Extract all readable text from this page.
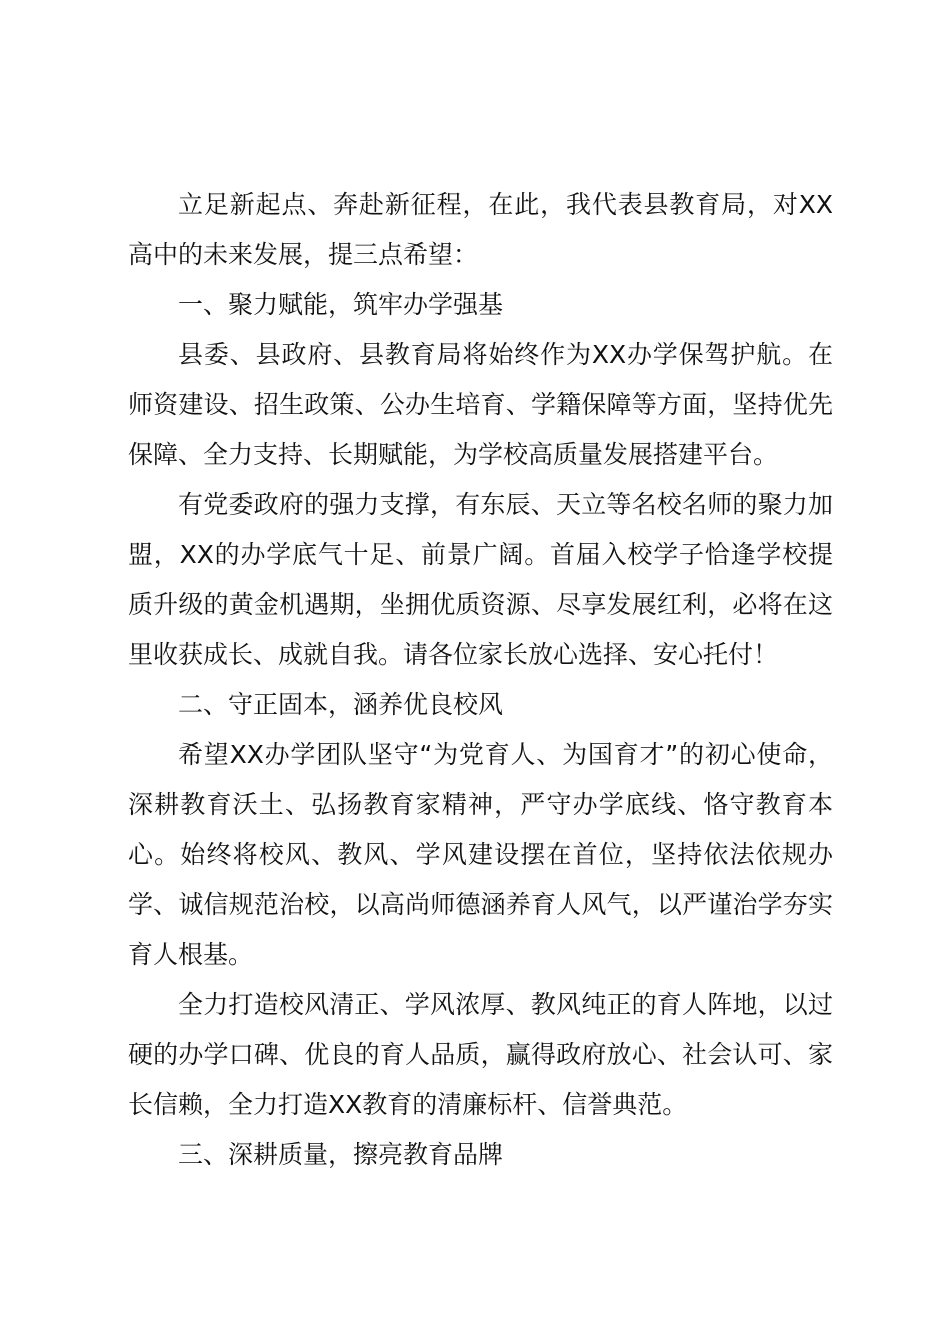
立足新起点、奔赴新征程，在此，我代表县教育局，对XX高中的未来发展，提三点希望：

一、聚力赋能，筑牢办学强基

县委、县政府、县教育局将始终作为XX办学保驾护航。在师资建设、招生政策、公办生培育、学籍保障等方面，坚持优先保障、全力支持、长期赋能，为学校高质量发展搭建平台。

有党委政府的强力支撑，有东辰、天立等名校名师的聚力加盟，XX的办学底气十足、前景广阔。首届入校学子恰逢学校提质升级的黄金机遇期，坐拥优质资源、尽享发展红利，必将在这里收获成长、成就自我。请各位家长放心选择、安心托付！

二、守正固本，涵养优良校风

希望XX办学团队坚守“为党育人、为国育才”的初心使命，深耕教育沃土、弘扬教育家精神，严守办学底线、恪守教育本心。始终将校风、教风、学风建设摆在首位，坚持依法依规办学、诚信规范治校，以高尚师德涵养育人风气，以严谨治学夯实育人根基。

全力打造校风清正、学风浓厚、教风纯正的育人阵地，以过硬的办学口碑、优良的育人品质，赢得政府放心、社会认可、家长信赖，全力打造XX教育的清廉标杆、信誉典范。

三、深耕质量，擦亮教育品牌
